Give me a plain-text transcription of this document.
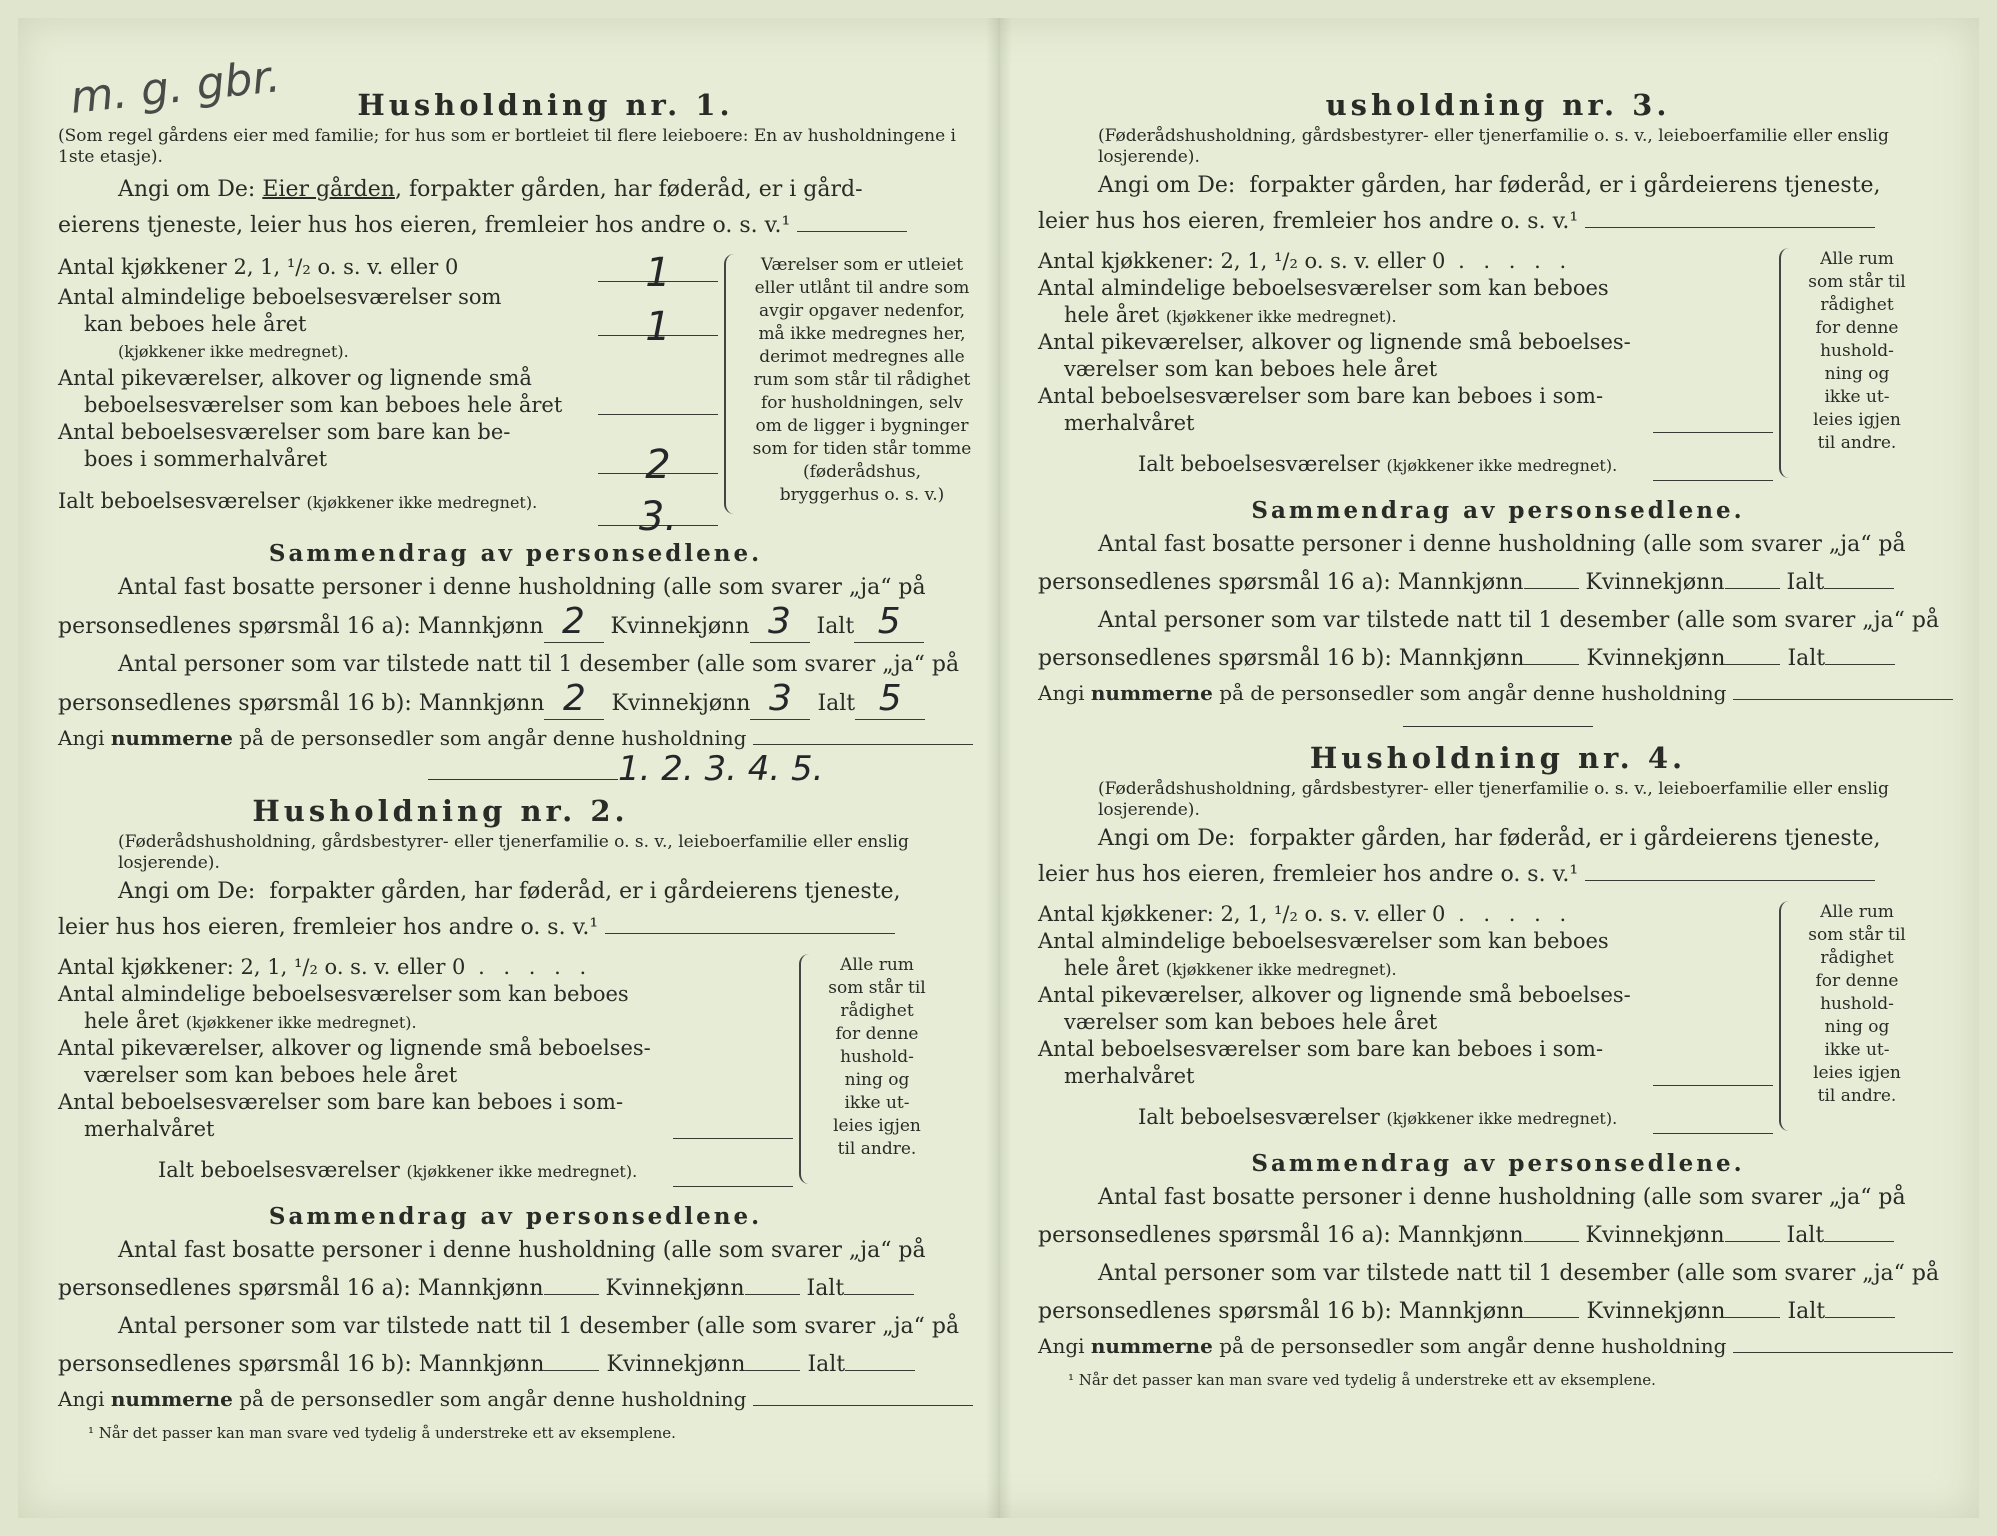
m. g. gbr.	Husholdning nr. 1.

(Som regel gårdens eier med familie; for hus som er bortleiet til flere leieboere: En av husholdningene i 1ste etasje).

Angi om De: Eier gården, forpakter gården, har føderåd, er i gård-
eierens tjeneste, leier hus hos eieren, fremleier hos andre o. s. v.¹
Antal kjøkkener 2, 1, ¹/₂ o. s. v. eller 0	1
Antal almindelige beboelsesværelser som
kan beboes hele året	1
(kjøkkener ikke medregnet).
Antal pikeværelser, alkover og lignende små
beboelsesværelser som kan beboes hele året
Antal beboelsesværelser som bare kan be-
boes i sommerhalvåret	2
Ialt beboelsesværelser (kjøkkener ikke medregnet).	3.
Værelser som er utleiet eller utlånt til andre som avgir opgaver nedenfor, må ikke medregnes her, derimot medregnes alle rum som står til rådighet for husholdningen, selv om de ligger i bygninger som for tiden står tomme (føderådshus, bryggerhus o. s. v.)
Sammendrag av personsedlene.
Antal fast bosatte personer i denne husholdning (alle som svarer „ja“ på
personsedlenes spørsmål 16 a): Mannkjønn 2 Kvinnekjønn 3 Ialt 5
Antal personer som var tilstede natt til 1 desember (alle som svarer „ja“ på
personsedlenes spørsmål 16 b): Mannkjønn 2 Kvinnekjønn 3 Ialt 5
Angi nummerne på de personsedler som angår denne husholdning
1. 2. 3. 4. 5.
Husholdning nr. 2.

(Føderådshusholdning, gårdsbestyrer- eller tjenerfamilie o. s. v., leieboerfamilie eller enslig losjerende).

Angi om De: forpakter gården, har føderåd, er i gårdeierens tjeneste,
leier hus hos eieren, fremleier hos andre o. s. v.¹
Antal kjøkkener: 2, 1, ¹/₂ o. s. v. eller 0 . . . . .
Antal almindelige beboelsesværelser som kan beboes
hele året (kjøkkener ikke medregnet).
Antal pikeværelser, alkover og lignende små beboelses-
værelser som kan beboes hele året
Antal beboelsesværelser som bare kan beboes i som-
merhalvåret
Ialt beboelsesværelser (kjøkkener ikke medregnet).
Alle rum som står til rådighet for denne hushold-ning og ikke ut-leies igjen til andre.
Sammendrag av personsedlene.
Antal fast bosatte personer i denne husholdning (alle som svarer „ja“ på
personsedlenes spørsmål 16 a): Mannkjønn	Kvinnekjønn	Ialt
Antal personer som var tilstede natt til 1 desember (alle som svarer „ja“ på
personsedlenes spørsmål 16 b): Mannkjønn	Kvinnekjønn	Ialt
Angi nummerne på de personsedler som angår denne husholdning
¹ Når det passer kan man svare ved tydelig å understreke ett av eksemplene.
usholdning nr. 3.

(Føderådshusholdning, gårdsbestyrer- eller tjenerfamilie o. s. v., leieboerfamilie eller enslig losjerende).

Angi om De: forpakter gården, har føderåd, er i gårdeierens tjeneste,
leier hus hos eieren, fremleier hos andre o. s. v.¹
Antal kjøkkener: 2, 1, ¹/₂ o. s. v. eller 0 . . . . .
Antal almindelige beboelsesværelser som kan beboes
hele året (kjøkkener ikke medregnet).
Antal pikeværelser, alkover og lignende små beboelses-
værelser som kan beboes hele året
Antal beboelsesværelser som bare kan beboes i som-
merhalvåret
Ialt beboelsesværelser (kjøkkener ikke medregnet).
Alle rum som står til rådighet for denne hushold-ning og ikke ut-leies igjen til andre.
Sammendrag av personsedlene.
Antal fast bosatte personer i denne husholdning (alle som svarer „ja“ på
personsedlenes spørsmål 16 a): Mannkjønn	Kvinnekjønn	Ialt
Antal personer som var tilstede natt til 1 desember (alle som svarer „ja“ på
personsedlenes spørsmål 16 b): Mannkjønn	Kvinnekjønn	Ialt
Angi nummerne på de personsedler som angår denne husholdning
Husholdning nr. 4.

(Føderådshusholdning, gårdsbestyrer- eller tjenerfamilie o. s. v., leieboerfamilie eller enslig losjerende).

Angi om De: forpakter gården, har føderåd, er i gårdeierens tjeneste,
leier hus hos eieren, fremleier hos andre o. s. v.¹
Antal kjøkkener: 2, 1, ¹/₂ o. s. v. eller 0 . . . . .
Antal almindelige beboelsesværelser som kan beboes
hele året (kjøkkener ikke medregnet).
Antal pikeværelser, alkover og lignende små beboelses-
værelser som kan beboes hele året
Antal beboelsesværelser som bare kan beboes i som-
merhalvåret
Ialt beboelsesværelser (kjøkkener ikke medregnet).
Alle rum som står til rådighet for denne hushold-ning og ikke ut-leies igjen til andre.
Sammendrag av personsedlene.
Antal fast bosatte personer i denne husholdning (alle som svarer „ja“ på
personsedlenes spørsmål 16 a): Mannkjønn	Kvinnekjønn	Ialt
Antal personer som var tilstede natt til 1 desember (alle som svarer „ja“ på
personsedlenes spørsmål 16 b): Mannkjønn	Kvinnekjønn	Ialt
Angi nummerne på de personsedler som angår denne husholdning
¹ Når det passer kan man svare ved tydelig å understreke ett av eksemplene.
